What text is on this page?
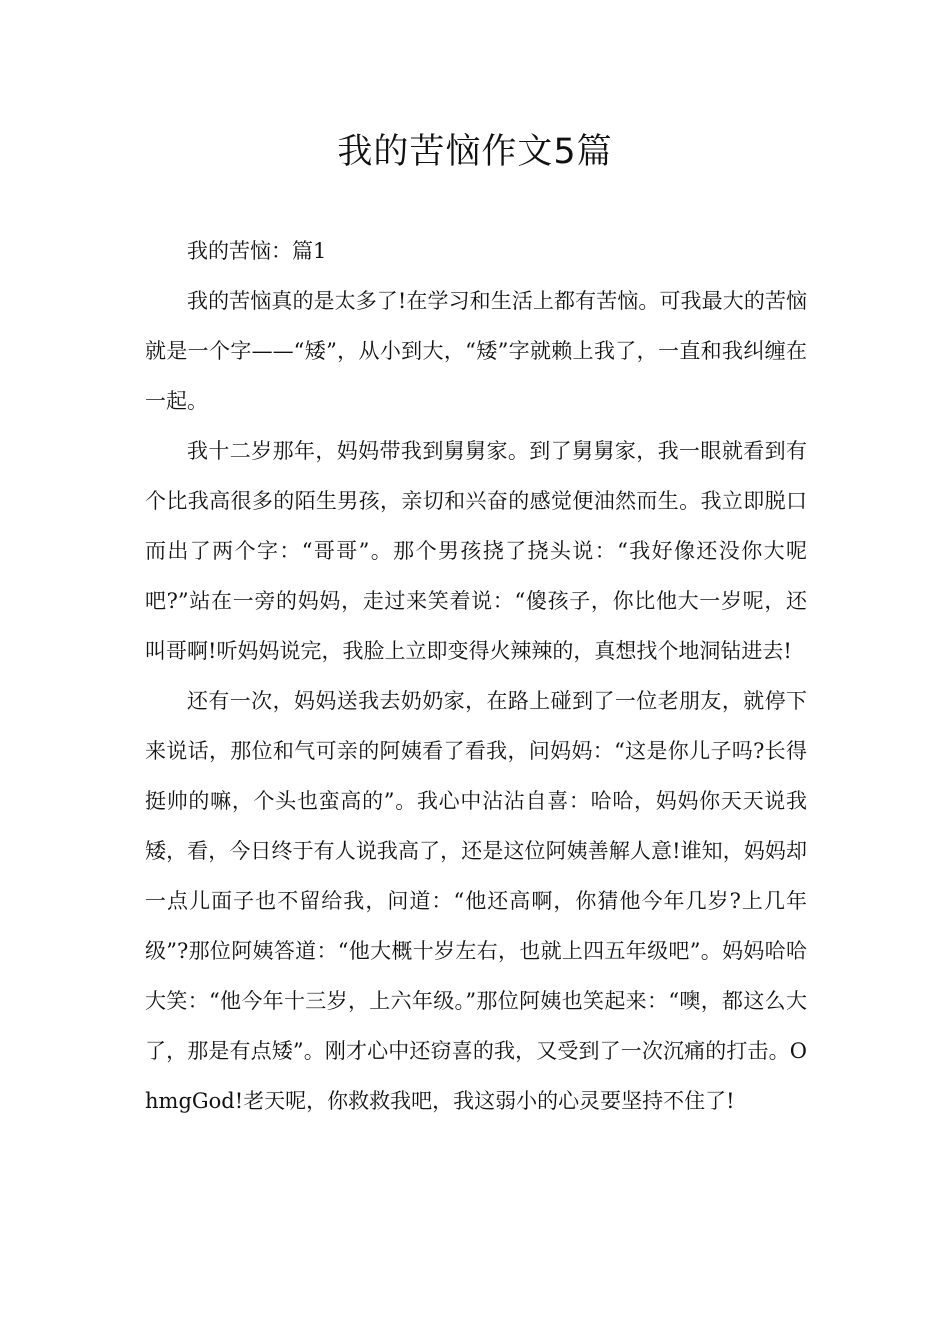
我的苦恼作文5篇

我的苦恼：篇1

我的苦恼真的是太多了!在学习和生活上都有苦恼。可我最大的苦恼就是一个字——“矮”，从小到大，“矮”字就赖上我了，一直和我纠缠在一起。

我十二岁那年，妈妈带我到舅舅家。到了舅舅家，我一眼就看到有个比我高很多的陌生男孩，亲切和兴奋的感觉便油然而生。我立即脱口而出了两个字：“哥哥”。那个男孩挠了挠头说：“我好像还没你大呢吧?”站在一旁的妈妈，走过来笑着说：“傻孩子，你比他大一岁呢，还叫哥啊!听妈妈说完，我脸上立即变得火辣辣的，真想找个地洞钻进去!

还有一次，妈妈送我去奶奶家，在路上碰到了一位老朋友，就停下来说话，那位和气可亲的阿姨看了看我，问妈妈：“这是你儿子吗?长得挺帅的嘛，个头也蛮高的”。我心中沾沾自喜：哈哈，妈妈你天天说我矮，看，今日终于有人说我高了，还是这位阿姨善解人意!谁知，妈妈却一点儿面子也不留给我，问道：“他还高啊，你猜他今年几岁?上几年级”?那位阿姨答道：“他大概十岁左右，也就上四五年级吧”。妈妈哈哈大笑：“他今年十三岁，上六年级。”那位阿姨也笑起来：“噢，都这么大了，那是有点矮”。刚才心中还窃喜的我，又受到了一次沉痛的打击。OhmgGod!老天呢，你救救我吧，我这弱小的心灵要坚持不住了!
